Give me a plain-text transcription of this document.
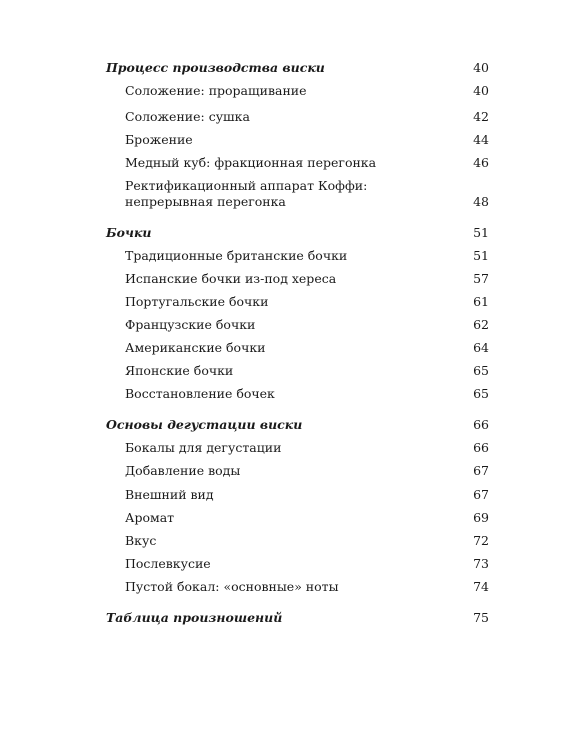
Процесс производства виски	40
Соложение: проращивание	40
Соложение: сушка	42
Брожение	44
Медный куб: фракционная перегонка	46
Ректификационный аппарат Коффи:
непрерывная перегонка	48
Бочки	51
Традиционные британские бочки	51
Испанские бочки из-под хереса	57
Португальские бочки	61
Французские бочки	62
Американские бочки	64
Японские бочки	65
Восстановление бочек	65
Основы дегустации виски	66
Бокалы для дегустации	66
Добавление воды	67
Внешний вид	67
Аромат	69
Вкус	72
Послевкусие	73
Пустой бокал: «основные» ноты	74
Таблица произношений	75
